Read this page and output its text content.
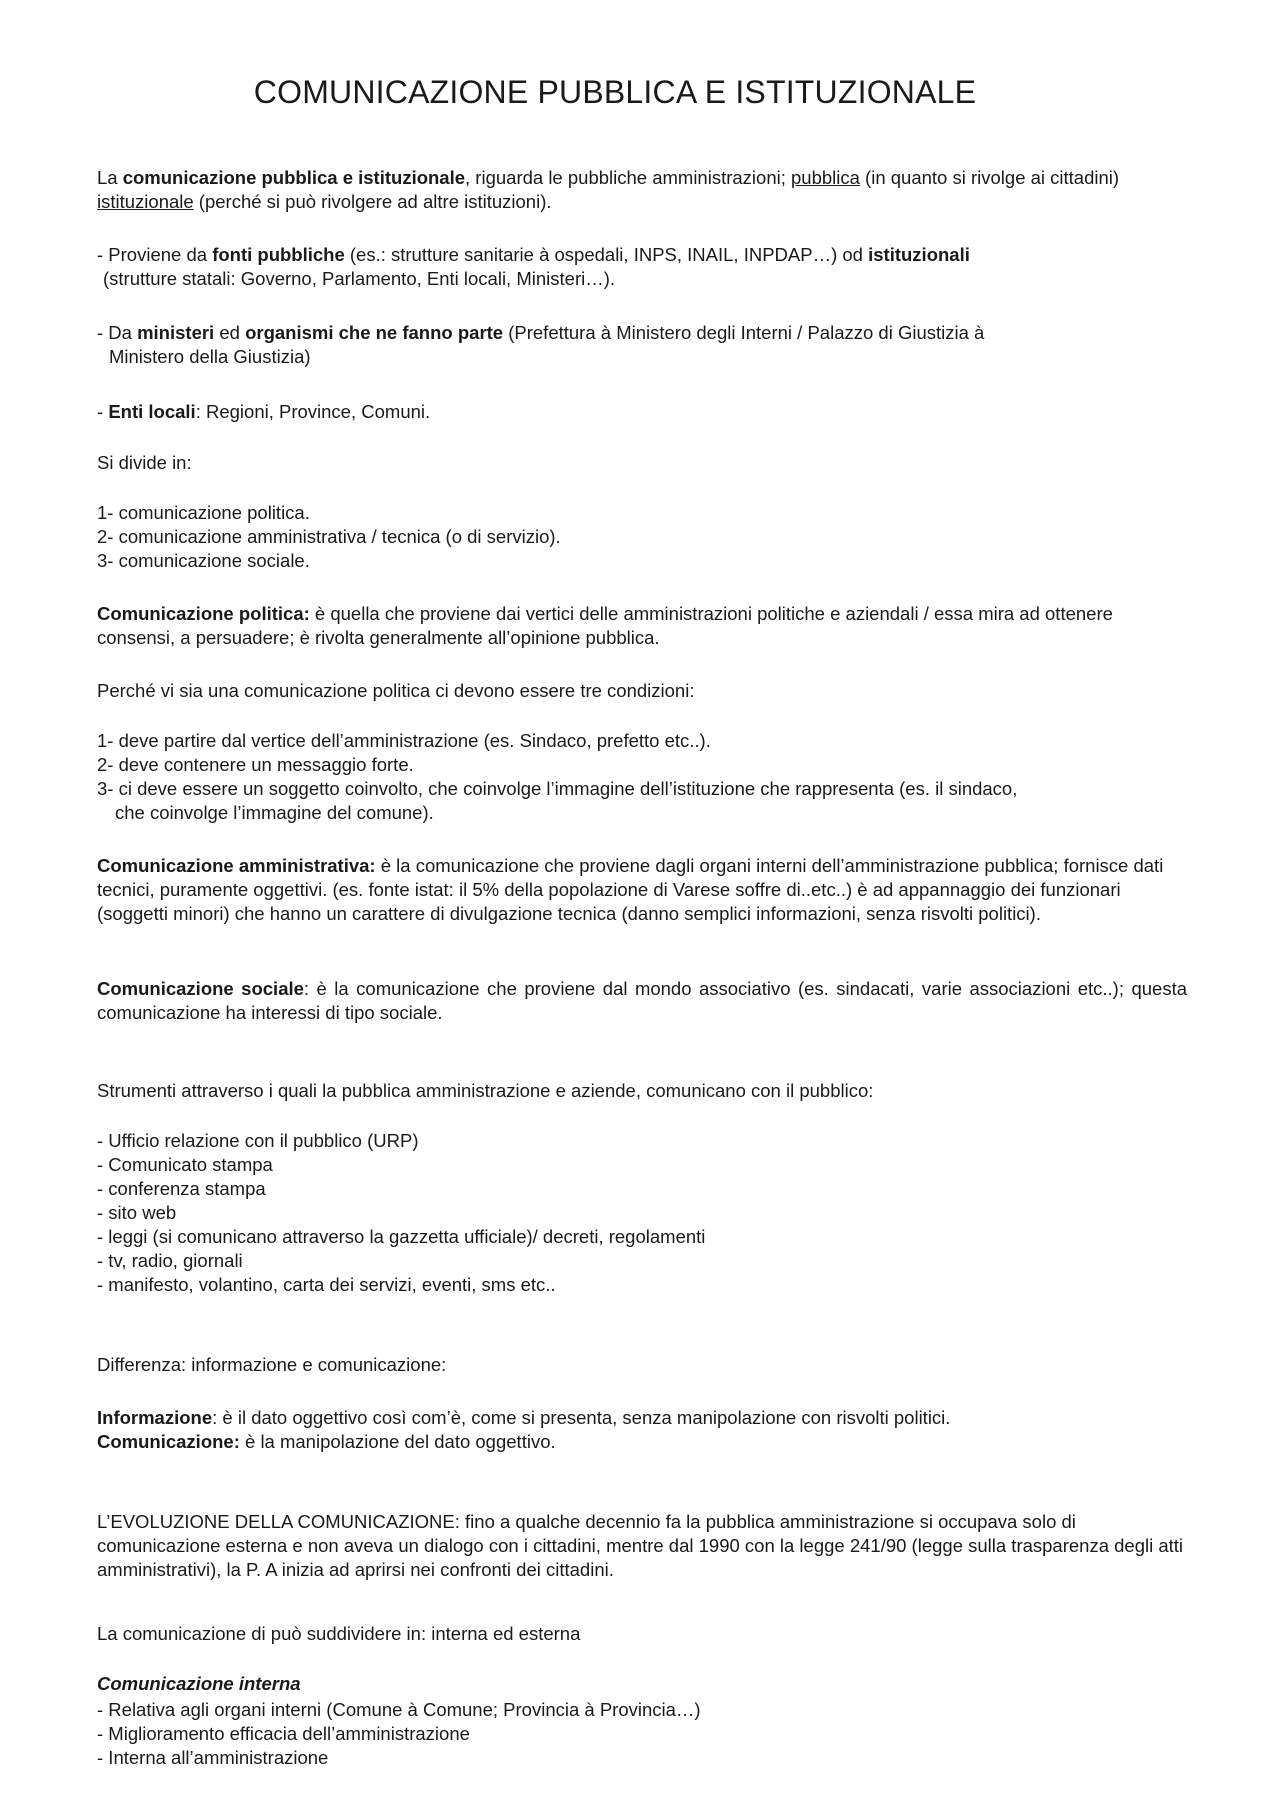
COMUNICAZIONE PUBBLICA E ISTITUZIONALE

La comunicazione pubblica e istituzionale, riguarda le pubbliche amministrazioni; pubblica (in quanto si rivolge ai cittadini) istituzionale (perché si può rivolgere ad altre istituzioni).

- Proviene da fonti pubbliche (es.: strutture sanitarie à ospedali, INPS, INAIL, INPDAP…) od istituzionali
(strutture statali: Governo, Parlamento, Enti locali, Ministeri…).

- Da ministeri ed organismi che ne fanno parte (Prefettura à Ministero degli Interni / Palazzo di Giustizia à
Ministero della Giustizia)

- Enti locali: Regioni, Province, Comuni.

Si divide in:

1- comunicazione politica.
2- comunicazione amministrativa / tecnica (o di servizio).
3- comunicazione sociale.

Comunicazione politica: è quella che proviene dai vertici delle amministrazioni politiche e aziendali / essa mira ad ottenere consensi, a persuadere; è rivolta generalmente all’opinione pubblica.

Perché vi sia una comunicazione politica ci devono essere tre condizioni:

1- deve partire dal vertice dell’amministrazione (es. Sindaco, prefetto etc..).
2- deve contenere un messaggio forte.
3- ci deve essere un soggetto coinvolto, che coinvolge l’immagine dell’istituzione che rappresenta (es. il sindaco,
che coinvolge l’immagine del comune).

Comunicazione amministrativa: è la comunicazione che proviene dagli organi interni dell’amministrazione pubblica; fornisce dati tecnici, puramente oggettivi. (es. fonte istat: il 5% della popolazione di Varese soffre di..etc..) è ad appannaggio dei funzionari (soggetti minori) che hanno un carattere di divulgazione tecnica (danno semplici informazioni, senza risvolti politici).

Comunicazione sociale: è la comunicazione che proviene dal mondo associativo (es. sindacati, varie associazioni etc..); questa comunicazione ha interessi di tipo sociale.

Strumenti attraverso i quali la pubblica amministrazione e aziende, comunicano con il pubblico:

- Ufficio relazione con il pubblico (URP)
- Comunicato stampa
- conferenza stampa
- sito web
- leggi (si comunicano attraverso la gazzetta ufficiale)/ decreti, regolamenti
- tv, radio, giornali
- manifesto, volantino, carta dei servizi, eventi, sms etc..

Differenza: informazione e comunicazione:

Informazione: è il dato oggettivo così com’è, come si presenta, senza manipolazione con risvolti politici.
Comunicazione: è la manipolazione del dato oggettivo.

L’EVOLUZIONE DELLA COMUNICAZIONE: fino a qualche decennio fa la pubblica amministrazione si occupava solo di comunicazione esterna e non aveva un dialogo con i cittadini, mentre dal 1990 con la legge 241/90 (legge sulla trasparenza degli atti amministrativi), la P. A inizia ad aprirsi nei confronti dei cittadini.

La comunicazione di può suddividere in: interna ed esterna

Comunicazione interna

- Relativa agli organi interni (Comune à Comune; Provincia à Provincia…)
- Miglioramento efficacia dell’amministrazione
- Interna all’amministrazione
